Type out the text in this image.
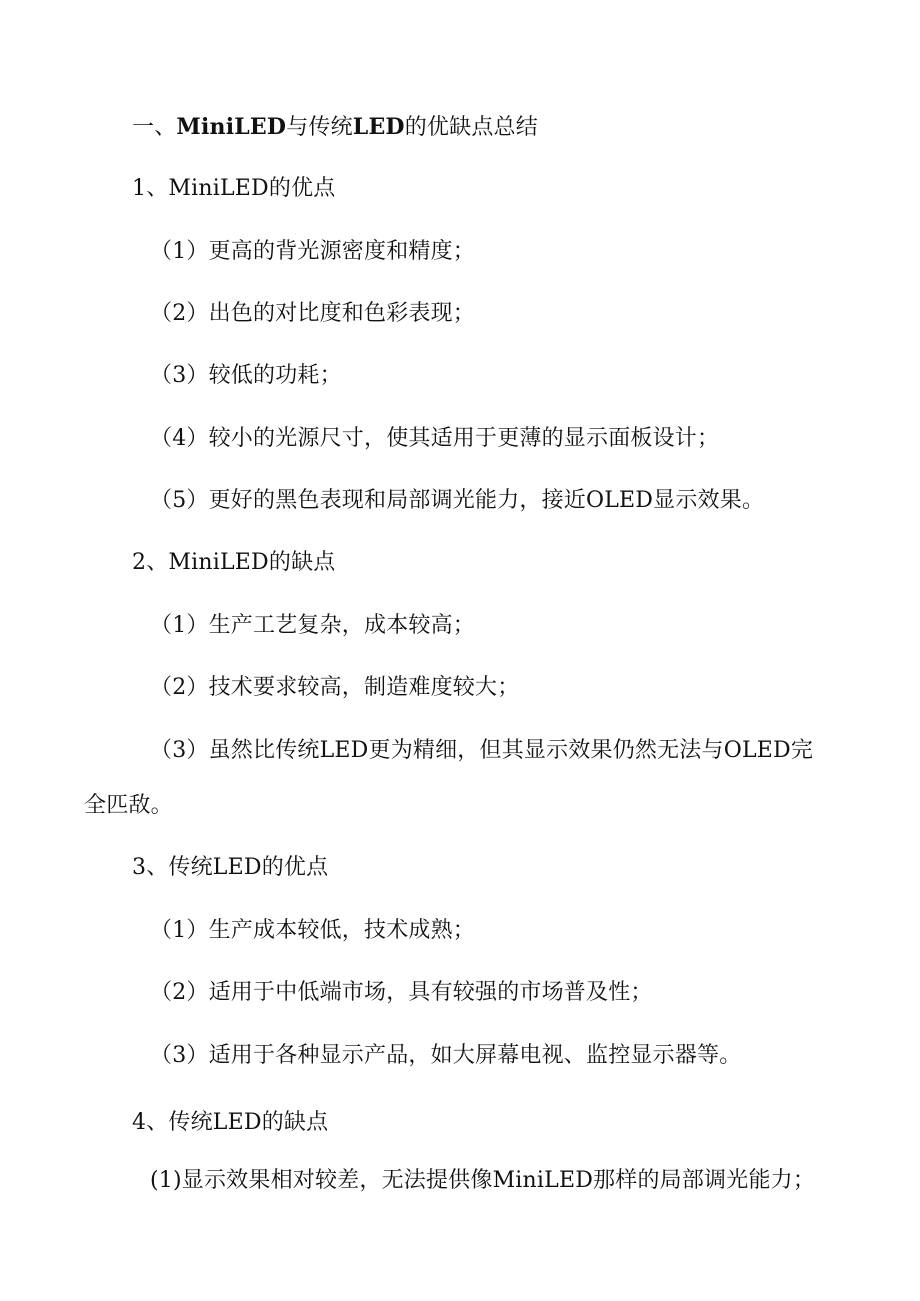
一、MiniLED与传统LED的优缺点总结
1、MiniLED的优点
（1）更高的背光源密度和精度；
（2）出色的对比度和色彩表现；
（3）较低的功耗；
（4）较小的光源尺寸，使其适用于更薄的显示面板设计；
（5）更好的黑色表现和局部调光能力，接近OLED显示效果。
2、MiniLED的缺点
（1）生产工艺复杂，成本较高；
（2）技术要求较高，制造难度较大；
（3）虽然比传统LED更为精细，但其显示效果仍然无法与OLED完
全匹敌。
3、传统LED的优点
（1）生产成本较低，技术成熟；
（2）适用于中低端市场，具有较强的市场普及性；
（3）适用于各种显示产品，如大屏幕电视、监控显示器等。
4、传统LED的缺点
(1)显示效果相对较差，无法提供像MiniLED那样的局部调光能力；
